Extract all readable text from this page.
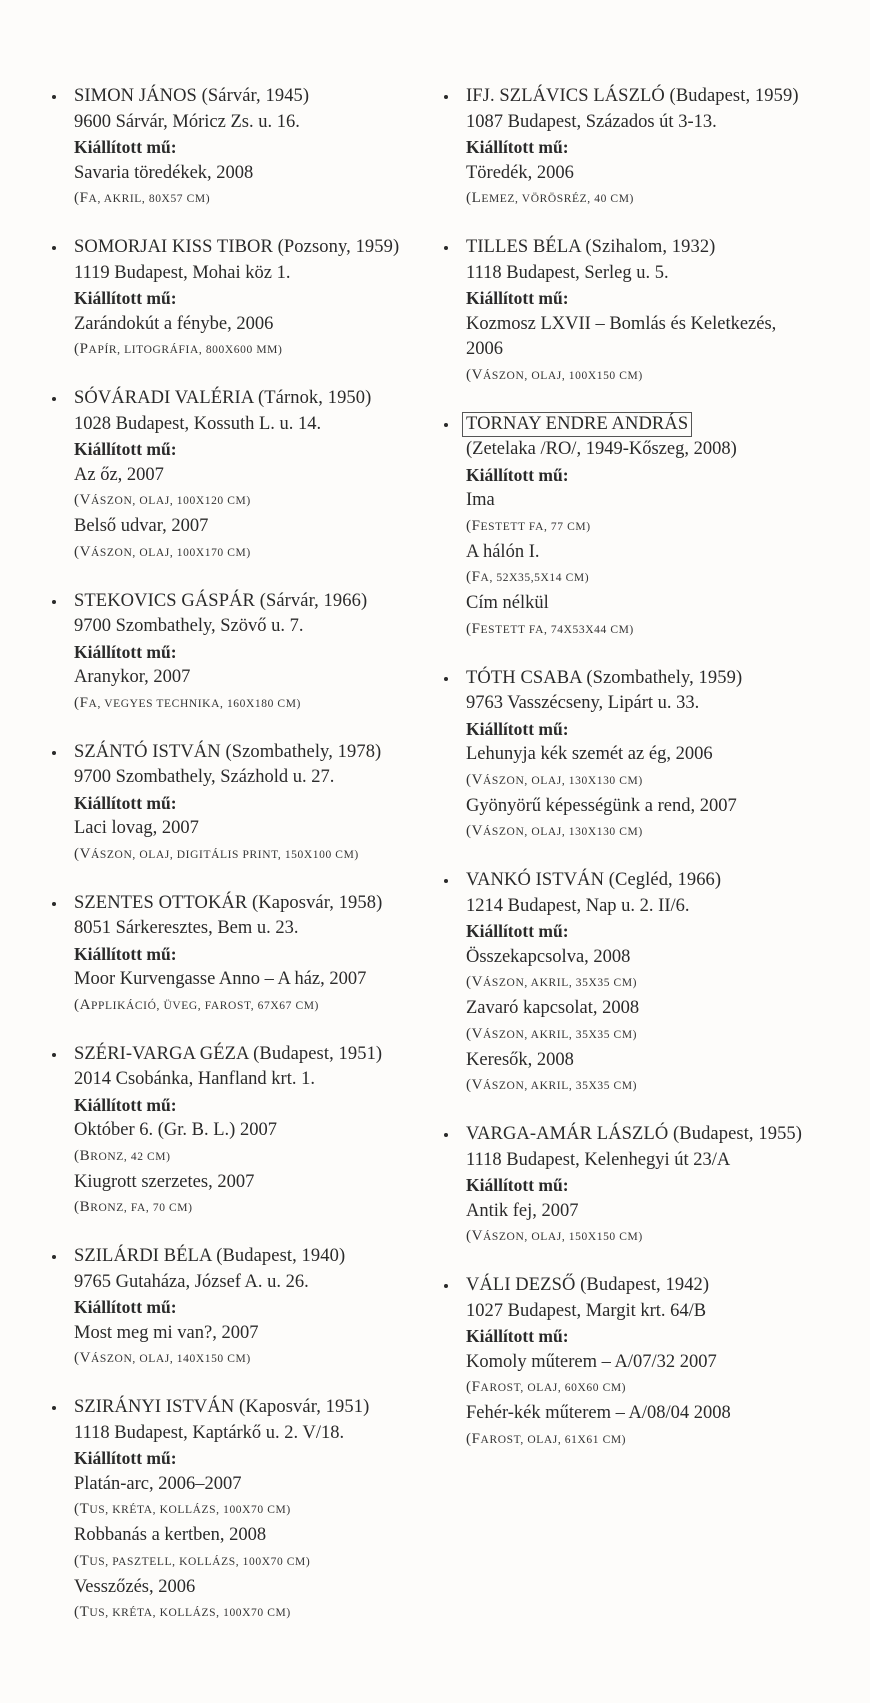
SIMON JÁNOS (Sárvár, 1945)
9600 Sárvár, Móricz Zs. u. 16.
Kiállított mű:
Savaria töredékek, 2008
(FA, AKRIL, 80X57 CM)
SOMORJAI KISS TIBOR (Pozsony, 1959)
1119 Budapest, Mohai köz 1.
Kiállított mű:
Zarándokút a fénybe, 2006
(PAPÍR, LITOGRÁFIA, 800X600 MM)
SÓVÁRADI VALÉRIA (Tárnok, 1950)
1028 Budapest, Kossuth L. u. 14.
Kiállított mű:
Az őz, 2007
(VÁSZON, OLAJ, 100X120 CM)
Belső udvar, 2007
(VÁSZON, OLAJ, 100X170 CM)
STEKOVICS GÁSPÁR (Sárvár, 1966)
9700 Szombathely, Szövő u. 7.
Kiállított mű:
Aranykor, 2007
(FA, VEGYES TECHNIKA, 160X180 CM)
SZÁNTÓ ISTVÁN (Szombathely, 1978)
9700 Szombathely, Százhold u. 27.
Kiállított mű:
Laci lovag, 2007
(VÁSZON, OLAJ, DIGITÁLIS PRINT, 150X100 CM)
SZENTES OTTOKÁR (Kaposvár, 1958)
8051 Sárkeresztes, Bem u. 23.
Kiállított mű:
Moor Kurvengasse Anno – A ház, 2007
(APPLIKÁCIÓ, ÜVEG, FAROST, 67X67 CM)
SZÉRI-VARGA GÉZA (Budapest, 1951)
2014 Csobánka, Hanfland krt. 1.
Kiállított mű:
Október 6. (Gr. B. L.) 2007
(BRONZ, 42 CM)
Kiugrott szerzetes, 2007
(BRONZ, FA, 70 CM)
SZILÁRDI BÉLA (Budapest, 1940)
9765 Gutaháza, József A. u. 26.
Kiállított mű:
Most meg mi van?, 2007
(VÁSZON, OLAJ, 140X150 CM)
SZIRÁNYI ISTVÁN (Kaposvár, 1951)
1118 Budapest, Kaptárkő u. 2. V/18.
Kiállított mű:
Platán-arc, 2006–2007
(TUS, KRÉTA, KOLLÁZS, 100X70 CM)
Robbanás a kertben, 2008
(TUS, PASZTELL, KOLLÁZS, 100X70 CM)
Vesszőzés, 2006
(TUS, KRÉTA, KOLLÁZS, 100X70 CM)
IFJ. SZLÁVICS LÁSZLÓ (Budapest, 1959)
1087 Budapest, Százados út 3-13.
Kiállított mű:
Töredék, 2006
(LEMEZ, VÖRÖSRÉZ, 40 CM)
TILLES BÉLA (Szihalom, 1932)
1118 Budapest, Serleg u. 5.
Kiállított mű:
Kozmosz LXVII – Bomlás és Keletkezés,
2006
(VÁSZON, OLAJ, 100X150 CM)
TORNAY ENDRE ANDRÁS
(Zetelaka /RO/, 1949-Kőszeg, 2008)
Kiállított mű:
Ima
(FESTETT FA, 77 CM)
A hálón I.
(FA, 52X35,5X14 CM)
Cím nélkül
(FESTETT FA, 74X53X44 CM)
TÓTH CSABA (Szombathely, 1959)
9763 Vasszécseny, Lipárt u. 33.
Kiállított mű:
Lehunyja kék szemét az ég, 2006
(VÁSZON, OLAJ, 130X130 CM)
Gyönyörű képességünk a rend, 2007
(VÁSZON, OLAJ, 130X130 CM)
VANKÓ ISTVÁN (Cegléd, 1966)
1214 Budapest, Nap u. 2. II/6.
Kiállított mű:
Összekapcsolva, 2008
(VÁSZON, AKRIL, 35X35 CM)
Zavaró kapcsolat, 2008
(VÁSZON, AKRIL, 35X35 CM)
Keresők, 2008
(VÁSZON, AKRIL, 35X35 CM)
VARGA-AMÁR LÁSZLÓ (Budapest, 1955)
1118 Budapest, Kelenhegyi út 23/A
Kiállított mű:
Antik fej, 2007
(VÁSZON, OLAJ, 150X150 CM)
VÁLI DEZSŐ (Budapest, 1942)
1027 Budapest, Margit krt. 64/B
Kiállított mű:
Komoly műterem – A/07/32 2007
(FAROST, OLAJ, 60X60 CM)
Fehér-kék műterem – A/08/04 2008
(FAROST, OLAJ, 61X61 CM)
